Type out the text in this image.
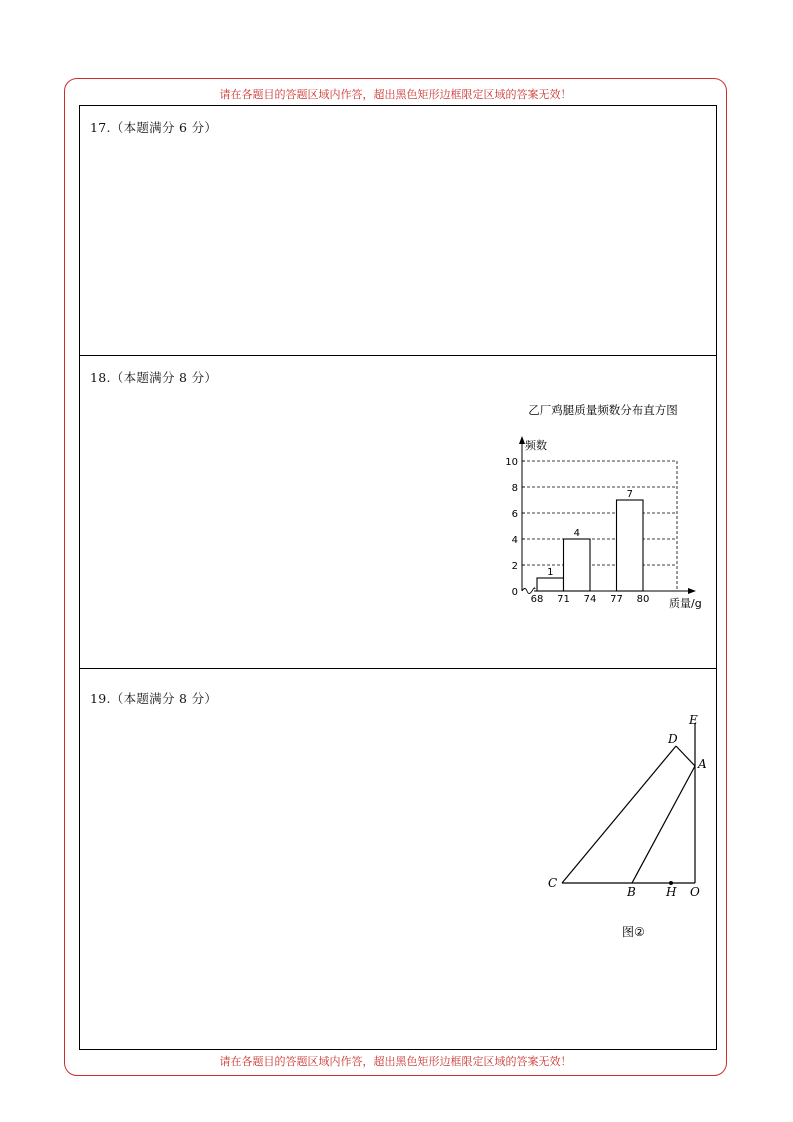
请在各题目的答题区域内作答，超出黑色矩形边框限定区域的答案无效！
17.（本题满分 6 分）
18.（本题满分 8 分）
乙厂鸡腿质量频数分布直方图
1
4
7
0
2
4
6
8
10
68 71 74 77 80
频数
质量/g
19.（本题满分 8 分）
E
D
A
C
B	H O
图②
请在各题目的答题区域内作答，超出黑色矩形边框限定区域的答案无效！
